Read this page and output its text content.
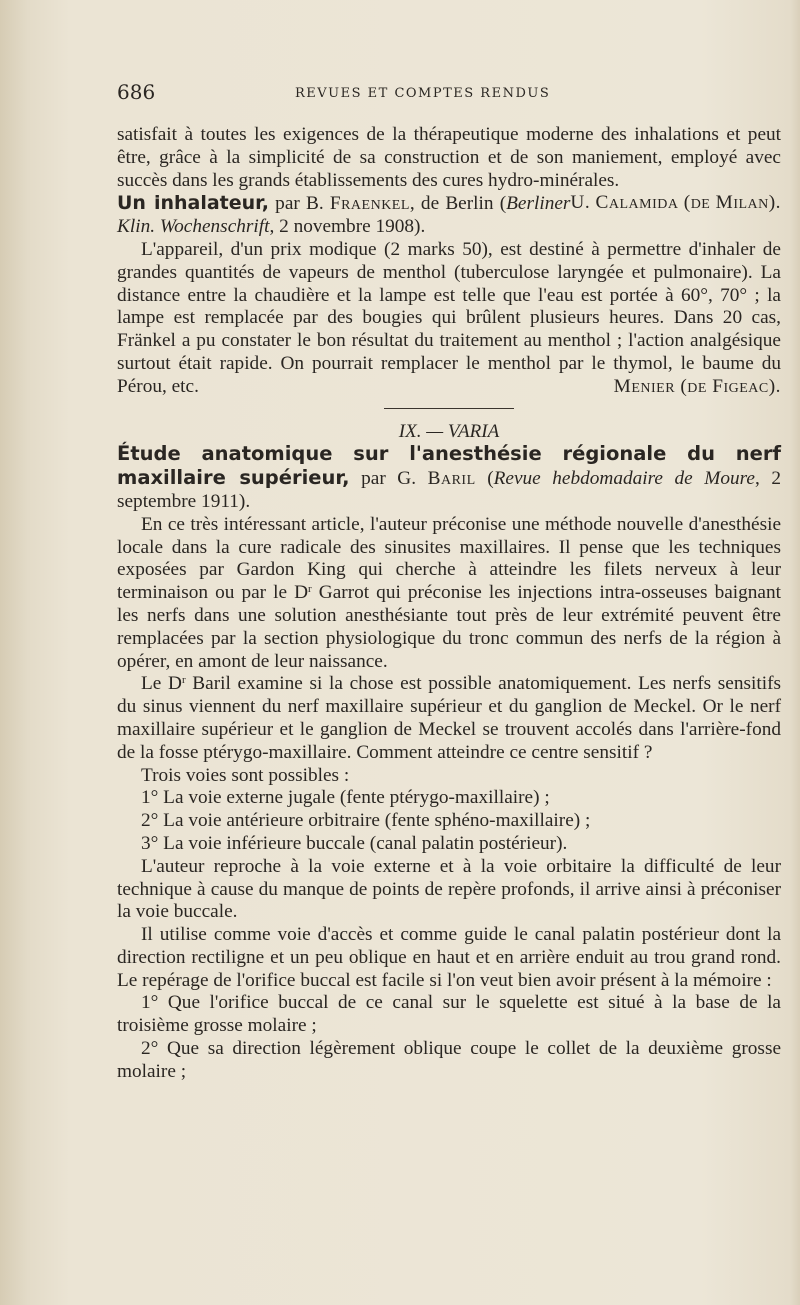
686	REVUES ET COMPTES RENDUS

satisfait à toutes les exigences de la thérapeutique moderne des inhalations et peut être, grâce à la simplicité de sa construction et de son maniement, employé avec succès dans les grands établissements des cures hydro-minérales.
U. Calamida (de Milan).

Un inhalateur, par B. Fraenkel, de Berlin (Berliner Klin. Wochenschrift, 2 novembre 1908).

L'appareil, d'un prix modique (2 marks 50), est destiné à permettre d'inhaler de grandes quantités de vapeurs de menthol (tuberculose laryngée et pulmonaire). La distance entre la chaudière et la lampe est telle que l'eau est portée à 60°, 70° ; la lampe est remplacée par des bougies qui brûlent plusieurs heures. Dans 20 cas, Fränkel a pu constater le bon résultat du traitement au menthol ; l'action analgésique surtout était rapide. On pourrait remplacer le menthol par le thymol, le baume du Pérou, etc.	Menier (de Figeac).

IX. — VARIA

Étude anatomique sur l'anesthésie régionale du nerf maxillaire supérieur, par G. Baril (Revue hebdomadaire de Moure, 2 septembre 1911).

En ce très intéressant article, l'auteur préconise une méthode nouvelle d'anesthésie locale dans la cure radicale des sinusites maxillaires. Il pense que les techniques exposées par Gardon King qui cherche à atteindre les filets nerveux à leur terminaison ou par le $D^r$ Garrot qui préconise les injections intra-osseuses baignant les nerfs dans une solution anesthésiante tout près de leur extrémité peuvent être remplacées par la section physiologique du tronc commun des nerfs de la région à opérer, en amont de leur naissance.

Le $D^r$ Baril examine si la chose est possible anatomiquement. Les nerfs sensitifs du sinus viennent du nerf maxillaire supérieur et du ganglion de Meckel. Or le nerf maxillaire supérieur et le ganglion de Meckel se trouvent accolés dans l'arrière-fond de la fosse ptérygo-maxillaire. Comment atteindre ce centre sensitif ?

Trois voies sont possibles :

1° La voie externe jugale (fente ptérygo-maxillaire) ;

2° La voie antérieure orbitraire (fente sphéno-maxillaire) ;

3° La voie inférieure buccale (canal palatin postérieur).

L'auteur reproche à la voie externe et à la voie orbitaire la difficulté de leur technique à cause du manque de points de repère profonds, il arrive ainsi à préconiser la voie buccale.

Il utilise comme voie d'accès et comme guide le canal palatin postérieur dont la direction rectiligne et un peu oblique en haut et en arrière enduit au trou grand rond. Le repérage de l'orifice buccal est facile si l'on veut bien avoir présent à la mémoire :

1° Que l'orifice buccal de ce canal sur le squelette est situé à la base de la troisième grosse molaire ;

2° Que sa direction légèrement oblique coupe le collet de la deuxième grosse molaire ;
